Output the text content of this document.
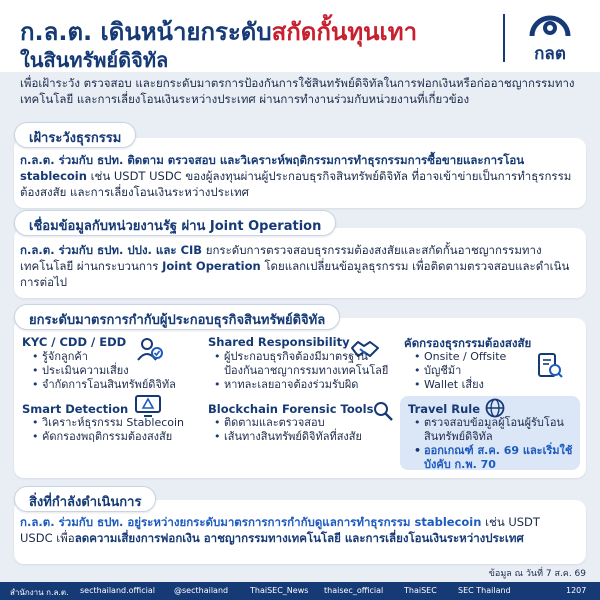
ก.ล.ต. เดินหน้ายกระดับสกัดกั้นทุนเทา
ในสินทรัพย์ดิจิทัล	กลต
เพื่อเฝ้าระวัง ตรวจสอบ และยกระดับมาตรการป้องกันการใช้สินทรัพย์ดิจิทัลในการฟอกเงินหรือก่ออาชญากรรมทางเทคโนโลยี และการเลี่ยงโอนเงินระหว่างประเทศ ผ่านการทำงานร่วมกับหน่วยงานที่เกี่ยวข้อง
เฝ้าระวังธุรกรรม
ก.ล.ต. ร่วมกับ ธปท. ติดตาม ตรวจสอบ และวิเคราะห์พฤติกรรมการทำธุรกรรมการซื้อขายและการโอน stablecoin เช่น USDT USDC ของผู้ลงทุนผ่านผู้ประกอบธุรกิจสินทรัพย์ดิจิทัล ที่อาจเข้าข่ายเป็นการทำธุรกรรมต้องสงสัย และการเลี่ยงโอนเงินระหว่างประเทศ
เชื่อมข้อมูลกับหน่วยงานรัฐ ผ่าน Joint Operation
ก.ล.ต. ร่วมกับ ธปท. ปปง. และ CIB ยกระดับการตรวจสอบธุรกรรมต้องสงสัยและสกัดกั้นอาชญากรรมทางเทคโนโลยี ผ่านกระบวนการ Joint Operation โดยแลกเปลี่ยนข้อมูลธุรกรรม เพื่อติดตามตรวจสอบและดำเนินการต่อไป
ยกระดับมาตรการกำกับผู้ประกอบธุรกิจสินทรัพย์ดิจิทัล
KYC / CDD / EDD
• รู้จักลูกค้า
• ประเมินความเสี่ยง
• จำกัดการโอนสินทรัพย์ดิจิทัล
Shared Responsibility
• ผู้ประกอบธุรกิจต้องมีมาตรฐานป้องกันอาชญากรรมทางเทคโนโลยี
• หาทละเลยอาจต้องร่วมรับผิด
คัดกรองธุรกรรมต้องสงสัย
• Onsite / Offsite
• บัญชีม้า
• Wallet เสี่ยง
Smart Detection
• วิเคราะห์ธุรกรรม Stablecoin
• คัดกรองพฤติกรรมต้องสงสัย
Blockchain Forensic Tools
• ติดตามและตรวจสอบ
• เส้นทางสินทรัพย์ดิจิทัลที่สงสัย
Travel Rule
• ตรวจสอบข้อมูลผู้โอนผู้รับโอนสินทรัพย์ดิจิทัล
• ออกเกณฑ์ ส.ค. 69 และเริ่มใช้บังคับ ก.พ. 70
สิ่งที่กำลังดำเนินการ
ก.ล.ต. ร่วมกับ ธปท. อยู่ระหว่างยกระดับมาตรการการกำกับดูแลการทำธุรกรรม stablecoin เช่น USDT USDC เพื่อลดความเสี่ยงการฟอกเงิน อาชญากรรมทางเทคโนโลยี และการเลี่ยงโอนเงินระหว่างประเทศ
ข้อมูล ณ วันที่ 7 ส.ค. 69
สำนักงาน ก.ล.ต. secthailand.official @secthailand	ThaiSEC_News thaisec_official	ThaiSEC	SEC Thailand	1207
